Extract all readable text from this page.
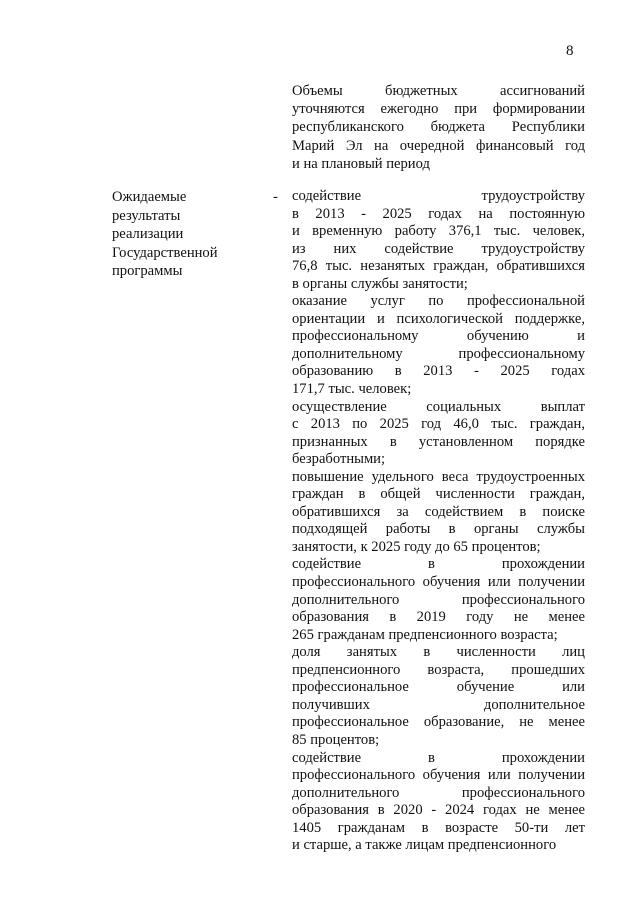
8
Объемы бюджетных ассигнований
уточняются ежегодно при формировании
республиканского бюджета Республики
Марий Эл на очередной финансовый год
и на плановый период
Ожидаемые
результаты
реализации
Государственной
программы
- содействие трудоустройству
в 2013 - 2025 годах на постоянную
и временную работу 376,1 тыс. человек,
из них содействие трудоустройству
76,8 тыс. незанятых граждан, обратившихся
в органы службы занятости;
оказание услуг по профессиональной
ориентации и психологической поддержке,
профессиональному обучению и
дополнительному профессиональному
образованию в 2013 - 2025 годах
171,7 тыс. человек;
осуществление социальных выплат
с 2013 по 2025 год 46,0 тыс. граждан,
признанных в установленном порядке
безработными;
повышение удельного веса трудоустроенных
граждан в общей численности граждан,
обратившихся за содействием в поиске
подходящей работы в органы службы
занятости, к 2025 году до 65 процентов;
содействие в прохождении
профессионального обучения или получении
дополнительного профессионального
образования в 2019 году не менее
265 гражданам предпенсионного возраста;
доля занятых в численности лиц
предпенсионного возраста, прошедших
профессиональное обучение или
получивших дополнительное
профессиональное образование, не менее
85 процентов;
содействие в прохождении
профессионального обучения или получении
дополнительного профессионального
образования в 2020 - 2024 годах не менее
1405 гражданам в возрасте 50-ти лет
и старше, а также лицам предпенсионного
